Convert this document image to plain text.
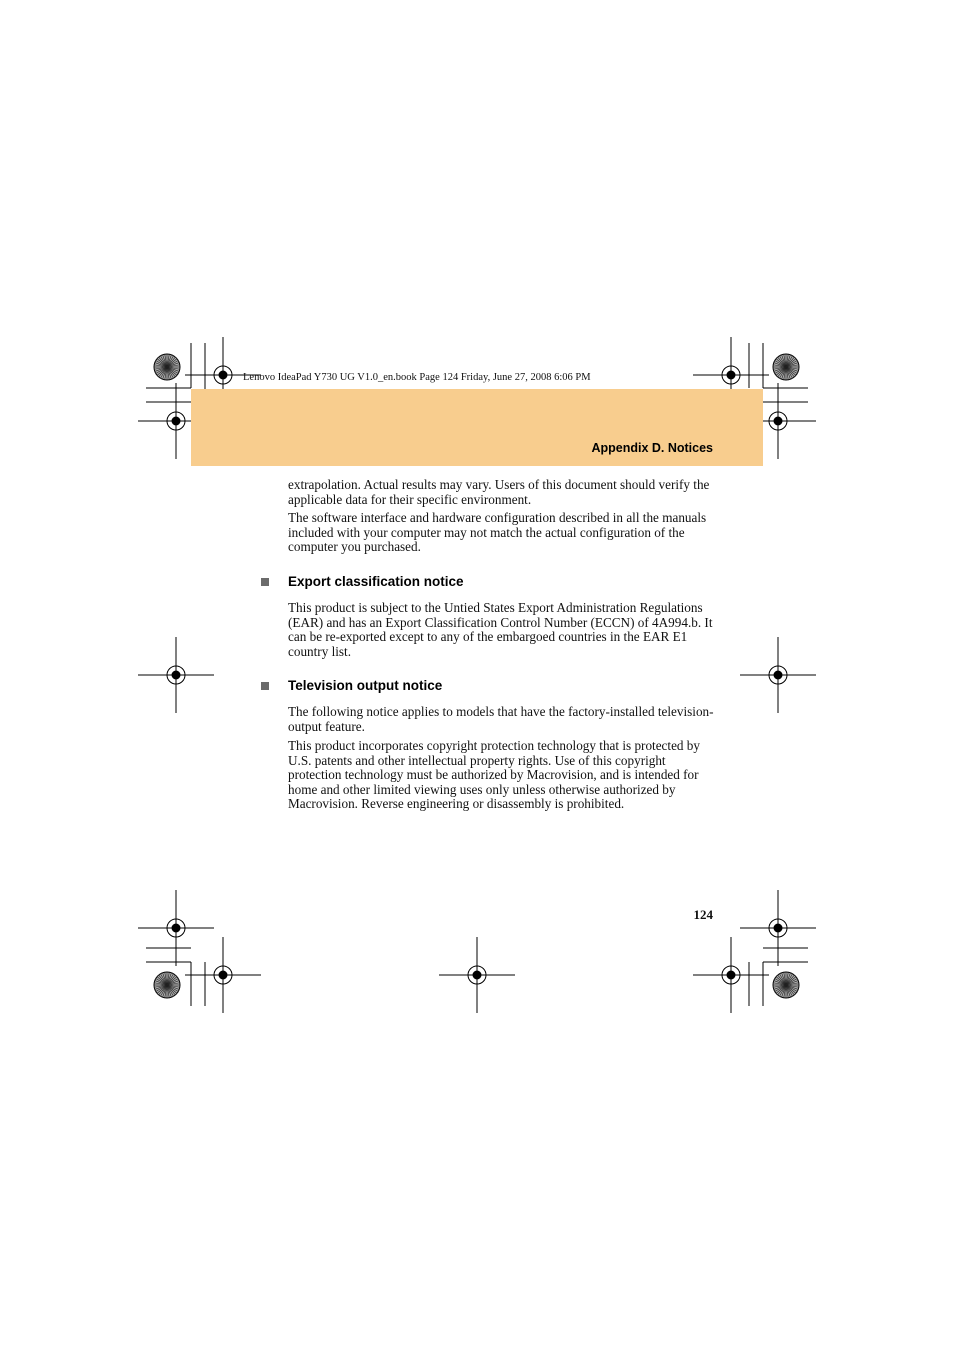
Lenovo IdeaPad Y730 UG V1.0_en.book Page 124 Friday, June 27, 2008 6:06 PM
Appendix D. Notices

extrapolation. Actual results may vary. Users of this document should verify the applicable data for their specific environment.

The software interface and hardware configuration described in all the manuals included with your computer may not match the actual configuration of the computer you purchased.

Export classification notice

This product is subject to the Untied States Export Administration Regulations (EAR) and has an Export Classification Control Number (ECCN) of 4A994.b. It can be re-exported except to any of the embargoed countries in the EAR E1 country list.

Television output notice

The following notice applies to models that have the factory-installed television-output feature.

This product incorporates copyright protection technology that is protected by U.S. patents and other intellectual property rights. Use of this copyright protection technology must be authorized by Macrovision, and is intended for home and other limited viewing uses only unless otherwise authorized by Macrovision. Reverse engineering or disassembly is prohibited.

124
